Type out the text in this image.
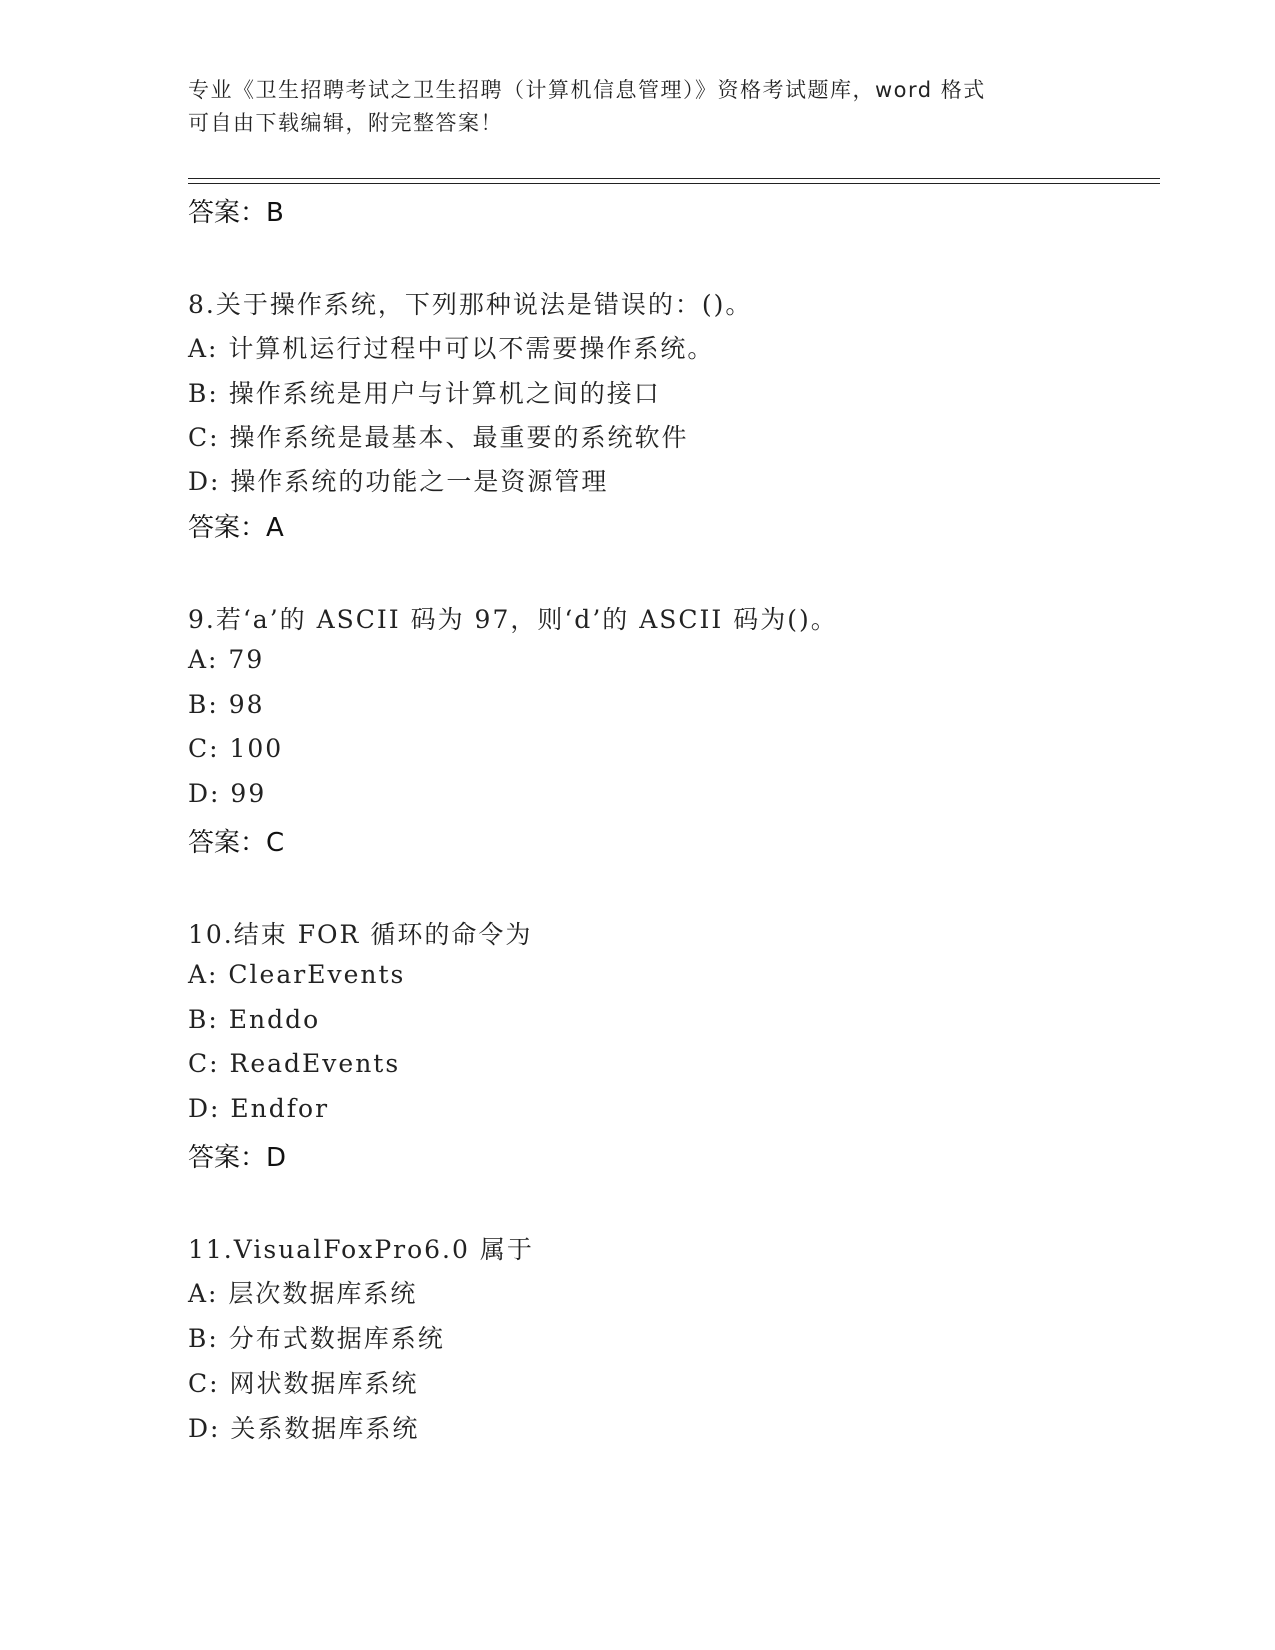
专业《卫生招聘考试之卫生招聘（计算机信息管理）》资格考试题库，word 格式
可自由下载编辑，附完整答案！
答案：B
8.关于操作系统，下列那种说法是错误的：()。
A: 计算机运行过程中可以不需要操作系统。
B: 操作系统是用户与计算机之间的接口
C: 操作系统是最基本、最重要的系统软件
D: 操作系统的功能之一是资源管理
答案：A
9.若‘a’的 ASCII 码为 97，则‘d’的 ASCII 码为()。
A: 79
B: 98
C: 100
D: 99
答案：C
10.结束 FOR 循环的命令为
A: ClearEvents
B: Enddo
C: ReadEvents
D: Endfor
答案：D
11.VisualFoxPro6.0 属于
A: 层次数据库系统
B: 分布式数据库系统
C: 网状数据库系统
D: 关系数据库系统
